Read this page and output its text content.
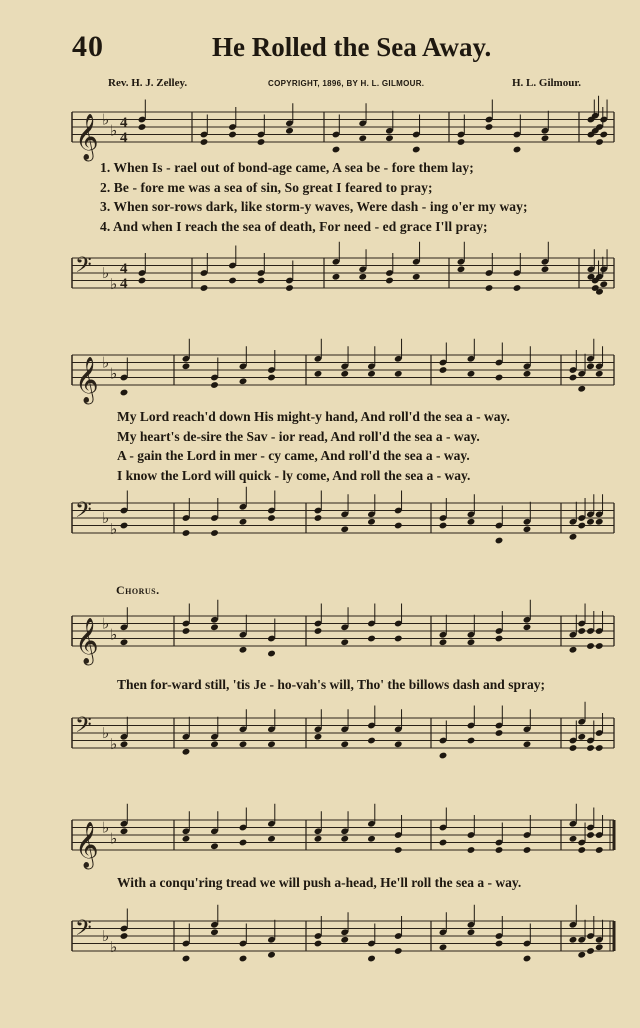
40	He Rolled the Sea Away.
Rev. H. J. Zelley.	COPYRIGHT, 1896, BY H. L. GILMOUR.	H. L. Gilmour.
𝄞 ♭
♭ 4
4
1. When Is - rael out of bond-age came, A sea be - fore them lay;
2. Be - fore me was a sea of sin, So great I feared to pray;
3. When sor-rows dark, like storm-y waves, Were dash - ing o'er my way;
4. And when I reach the sea of death, For need - ed grace I'll pray;
𝄢 ♭
♭
4
4
𝄞 ♭
♭
My Lord reach'd down His might-y hand, And roll'd the sea a - way.
My heart's de-sire the Sav - ior read, And roll'd the sea a - way.
A - gain the Lord in mer - cy came, And roll'd the sea a - way.
I know the Lord will quick - ly come, And roll the sea a - way.
𝄢 ♭
♭
Chorus.
𝄞 ♭
♭
Then for-ward still, 'tis Je - ho-vah's will, Tho' the billows dash and spray;
𝄢 ♭
♭
𝄞 ♭
♭
With a conqu'ring tread we will push a-head, He'll roll the sea a - way.
𝄢 ♭
♭
